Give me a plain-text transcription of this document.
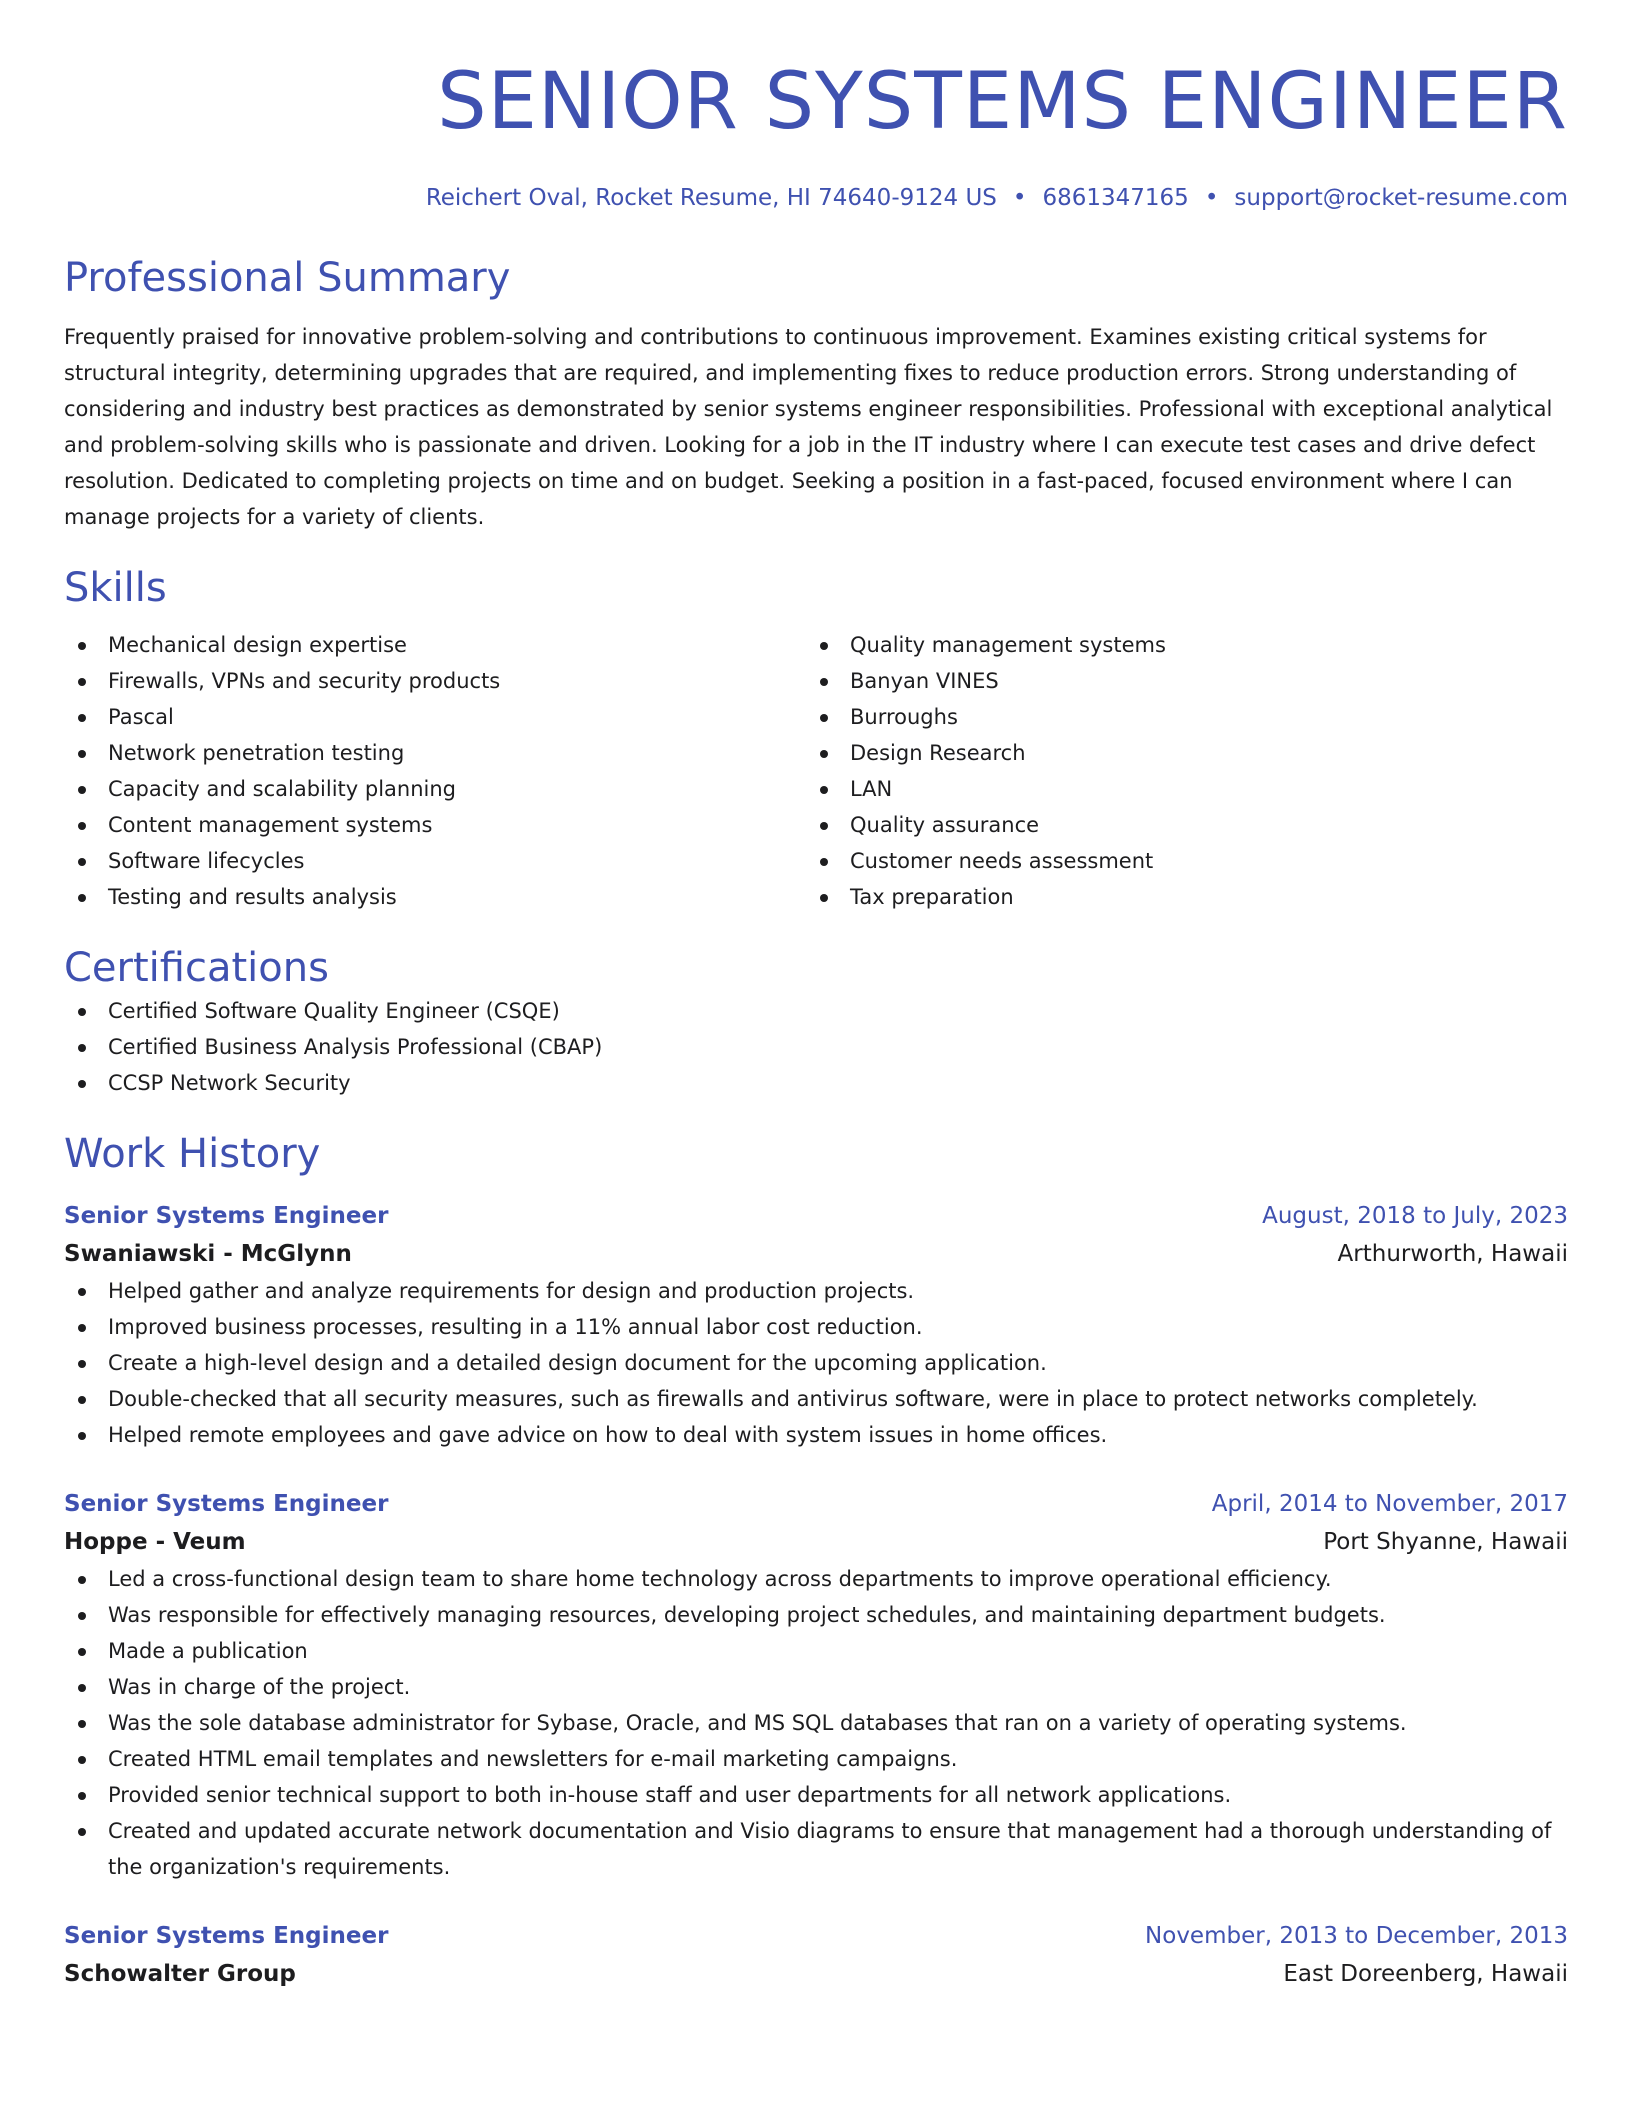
SENIOR SYSTEMS ENGINEER
Reichert Oval, Rocket Resume, HI 74640-9124 US • 6861347165 • support@rocket-resume.com
Professional Summary
Frequently praised for innovative problem-solving and contributions to continuous improvement. Examines existing critical systems for structural integrity, determining upgrades that are required, and implementing fixes to reduce production errors. Strong understanding of considering and industry best practices as demonstrated by senior systems engineer responsibilities. Professional with exceptional analytical and problem-solving skills who is passionate and driven. Looking for a job in the IT industry where I can execute test cases and drive defect resolution. Dedicated to completing projects on time and on budget. Seeking a position in a fast-paced, focused environment where I can manage projects for a variety of clients.
Skills
Mechanical design expertise
Firewalls, VPNs and security products
Pascal
Network penetration testing
Capacity and scalability planning
Content management systems
Software lifecycles
Testing and results analysis
Quality management systems
Banyan VINES
Burroughs
Design Research
LAN
Quality assurance
Customer needs assessment
Tax preparation
Certifications
Certified Software Quality Engineer (CSQE)
Certified Business Analysis Professional (CBAP)
CCSP Network Security
Work History
Senior Systems Engineer	August, 2018 to July, 2023
Swaniawski - McGlynn	Arthurworth, Hawaii
Helped gather and analyze requirements for design and production projects.
Improved business processes, resulting in a 11% annual labor cost reduction.
Create a high-level design and a detailed design document for the upcoming application.
Double-checked that all security measures, such as firewalls and antivirus software, were in place to protect networks completely.
Helped remote employees and gave advice on how to deal with system issues in home offices.
Senior Systems Engineer	April, 2014 to November, 2017
Hoppe - Veum	Port Shyanne, Hawaii
Led a cross-functional design team to share home technology across departments to improve operational efficiency.
Was responsible for effectively managing resources, developing project schedules, and maintaining department budgets.
Made a publication
Was in charge of the project.
Was the sole database administrator for Sybase, Oracle, and MS SQL databases that ran on a variety of operating systems.
Created HTML email templates and newsletters for e-mail marketing campaigns.
Provided senior technical support to both in-house staff and user departments for all network applications.
Created and updated accurate network documentation and Visio diagrams to ensure that management had a thorough understanding of the organization's requirements.
Senior Systems Engineer	November, 2013 to December, 2013
Schowalter Group	East Doreenberg, Hawaii
